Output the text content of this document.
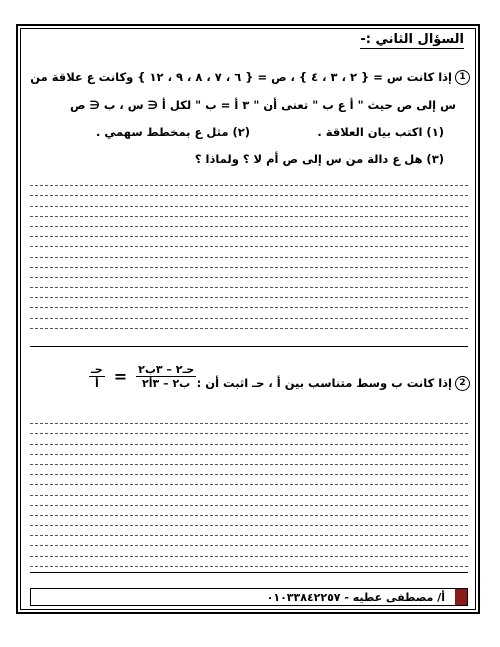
السؤال الثاني :-
1إذا كانت س = { ٢ ، ٣ ، ٤ } ، ص = { ٦ ، ٧ ، ٨ ، ٩ ، ١٢ } وكانت ع علاقة من
س إلى ص حيث " أ ع ب " تعنى أن " ٣ أ = ب " لكل أ ∈ س ، ب ∈ ص
(١) اكتب بيان العلاقة .
(٢) مثل ع بمخطط سهمي .
(٣) هل ع دالة من س إلى ص أم لا ؟ ولماذا ؟
2إذا كانت ب وسط متناسب بين أ ، حـ اثبت أن :
$\frac{\text{حـ}}{\text{أ}} = \frac{\text{حـ٢ – ٣ب٢}}{\text{ب٢ – ٣أ٢}}$
أ/ مصطفى عطيه - ٠١٠٣٣٨٤٢٢٥٧
